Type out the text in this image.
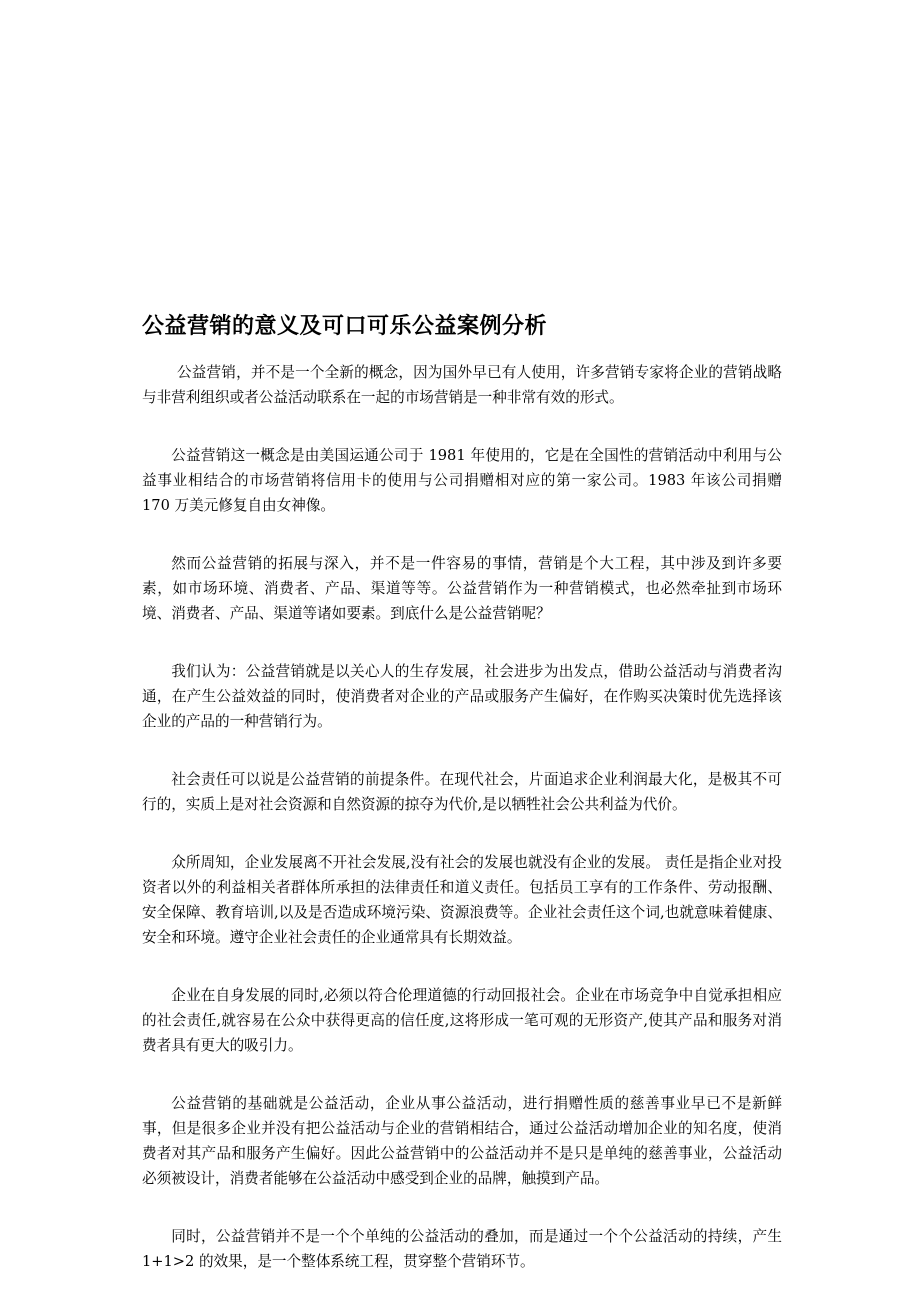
公益营销的意义及可口可乐公益案例分析

公益营销，并不是一个全新的概念，因为国外早已有人使用，许多营销专家将企业的营销战略与非营利组织或者公益活动联系在一起的市场营销是一种非常有效的形式。

公益营销这一概念是由美国运通公司于 1981 年使用的，它是在全国性的营销活动中利用与公益事业相结合的市场营销将信用卡的使用与公司捐赠相对应的第一家公司。1983 年该公司捐赠 170 万美元修复自由女神像。

然而公益营销的拓展与深入，并不是一件容易的事情，营销是个大工程，其中涉及到许多要素，如市场环境、消费者、产品、渠道等等。公益营销作为一种营销模式，也必然牵扯到市场环境、消费者、产品、渠道等诸如要素。到底什么是公益营销呢？

我们认为：公益营销就是以关心人的生存发展，社会进步为出发点，借助公益活动与消费者沟通，在产生公益效益的同时，使消费者对企业的产品或服务产生偏好，在作购买决策时优先选择该企业的产品的一种营销行为。

社会责任可以说是公益营销的前提条件。在现代社会，片面追求企业利润最大化，是极其不可行的，实质上是对社会资源和自然资源的掠夺为代价,是以牺牲社会公共利益为代价。

众所周知，企业发展离不开社会发展,没有社会的发展也就没有企业的发展。 责任是指企业对投资者以外的利益相关者群体所承担的法律责任和道义责任。包括员工享有的工作条件、劳动报酬、安全保障、教育培训,以及是否造成环境污染、资源浪费等。企业社会责任这个词,也就意味着健康、安全和环境。遵守企业社会责任的企业通常具有长期效益。

企业在自身发展的同时,必须以符合伦理道德的行动回报社会。企业在市场竞争中自觉承担相应的社会责任,就容易在公众中获得更高的信任度,这将形成一笔可观的无形资产,使其产品和服务对消费者具有更大的吸引力。

公益营销的基础就是公益活动，企业从事公益活动，进行捐赠性质的慈善事业早已不是新鲜事，但是很多企业并没有把公益活动与企业的营销相结合，通过公益活动增加企业的知名度，使消费者对其产品和服务产生偏好。因此公益营销中的公益活动并不是只是单纯的慈善事业，公益活动必须被设计，消费者能够在公益活动中感受到企业的品牌，触摸到产品。

同时，公益营销并不是一个个单纯的公益活动的叠加，而是通过一个个公益活动的持续，产生 1+1>2 的效果，是一个整体系统工程，贯穿整个营销环节。
